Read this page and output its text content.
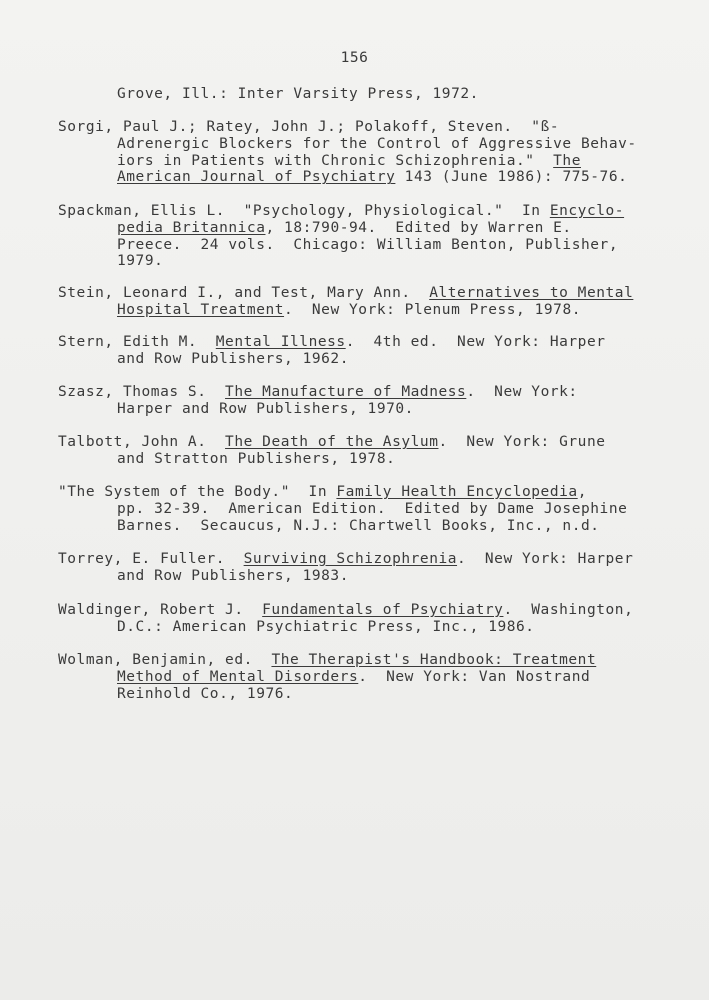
156
Grove, Ill.: Inter Varsity Press, 1972.
Sorgi, Paul J.; Ratey, John J.; Polakoff, Steven.  "ß-
Adrenergic Blockers for the Control of Aggressive Behav-
iors in Patients with Chronic Schizophrenia."  The
American Journal of Psychiatry 143 (June 1986): 775-76.
Spackman, Ellis L.  "Psychology, Physiological."  In Encyclo-
pedia Britannica, 18:790-94.  Edited by Warren E.
Preece.  24 vols.  Chicago: William Benton, Publisher,
1979.
Stein, Leonard I., and Test, Mary Ann.  Alternatives to Mental
Hospital Treatment.  New York: Plenum Press, 1978.
Stern, Edith M.  Mental Illness.  4th ed.  New York: Harper
and Row Publishers, 1962.
Szasz, Thomas S.  The Manufacture of Madness.  New York:
Harper and Row Publishers, 1970.
Talbott, John A.  The Death of the Asylum.  New York: Grune
and Stratton Publishers, 1978.
"The System of the Body."  In Family Health Encyclopedia,
pp. 32-39.  American Edition.  Edited by Dame Josephine
Barnes.  Secaucus, N.J.: Chartwell Books, Inc., n.d.
Torrey, E. Fuller.  Surviving Schizophrenia.  New York: Harper
and Row Publishers, 1983.
Waldinger, Robert J.  Fundamentals of Psychiatry.  Washington,
D.C.: American Psychiatric Press, Inc., 1986.
Wolman, Benjamin, ed.  The Therapist's Handbook: Treatment
Method of Mental Disorders.  New York: Van Nostrand
Reinhold Co., 1976.
